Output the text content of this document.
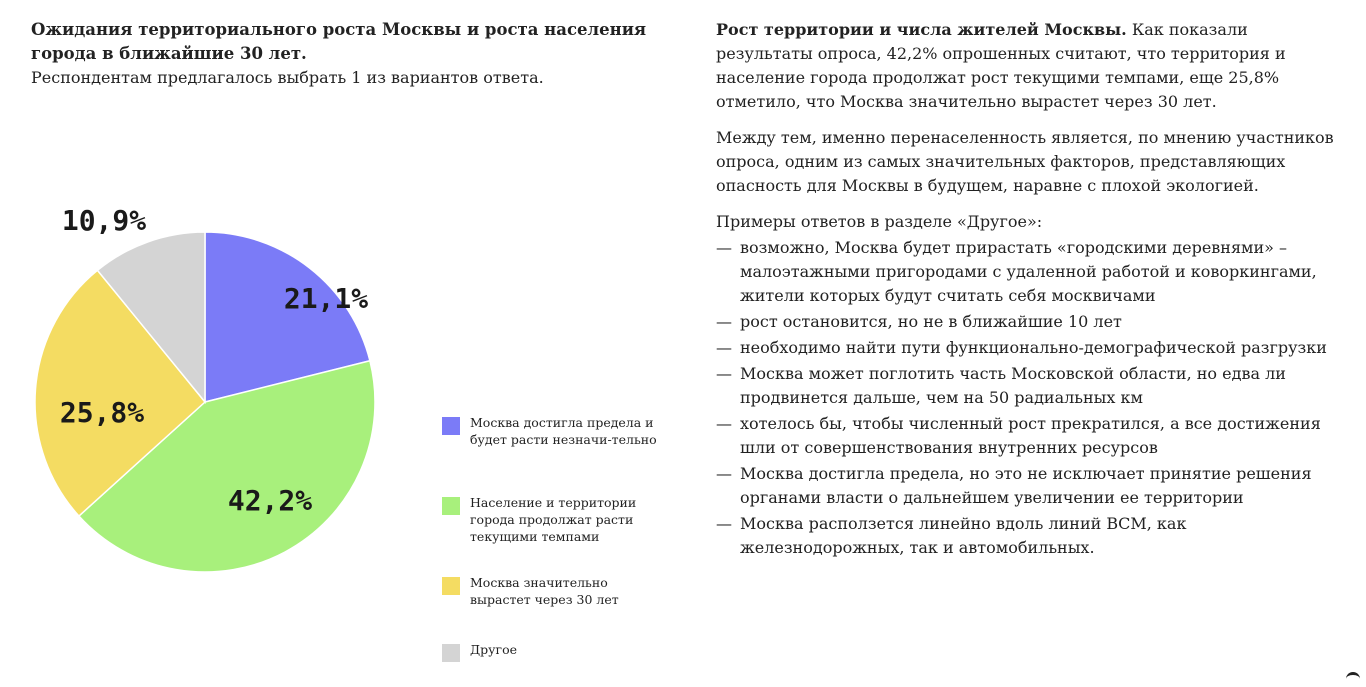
Ожидания территориального роста Москвы и роста населения города в ближайшие 30 лет.

Респондентам предлагалось выбрать 1 из вариантов ответа.

21,1%
42,2%
25,8%
10,9%
Москва достигла предела и будет расти незначи-тельно
Население и территории города продолжат расти текущими темпами
Москва значительно вырастет через 30 лет
Другое

Рост территории и числа жителей Москвы. Как показали результаты опроса, 42,2% опрошенных считают, что территория и население города продолжат рост текущими темпами, еще 25,8% отметило, что Москва значительно вырастет через 30 лет.

Между тем, именно перенаселенность является, по мнению участников опроса, одним из самых значительных факторов, представляющих опасность для Москвы в будущем, наравне с плохой экологией.

Примеры ответов в разделе «Другое»:

— возможно, Москва будет прирастать «городскими деревнями» – малоэтажными пригородами с удаленной работой и коворкингами, жители которых будут считать себя москвичами
— рост остановится, но не в ближайшие 10 лет
— необходимо найти пути функционально-демографической разгрузки
— Москва может поглотить часть Московской области, но едва ли продвинется дальше, чем на 50 радиальных км
— хотелось бы, чтобы численный рост прекратился, а все достижения шли от совершенствования внутренних ресурсов
— Москва достигла предела, но это не исключает принятие решения органами власти о дальнейшем увеличении ее территории
— Москва расползется линейно вдоль линий ВСМ, как железнодорожных, так и автомобильных.
